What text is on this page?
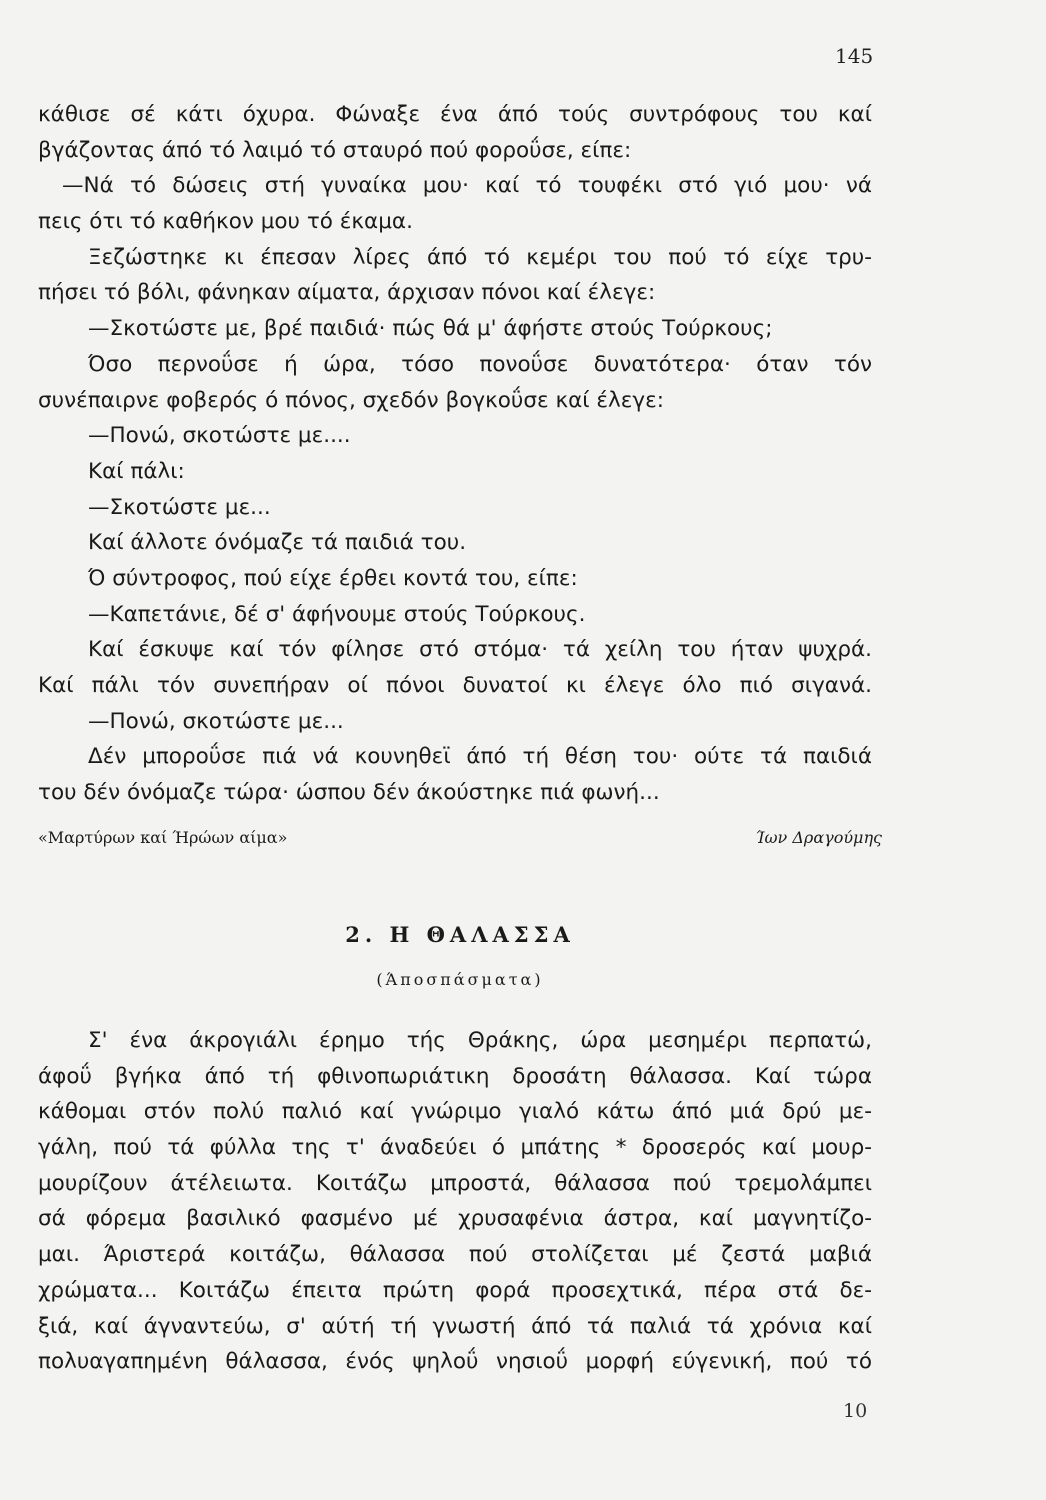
145
κάθισε σέ κάτι όχυρα. Φώναξε ένα άπό τούς συντρόφους του καί
βγάζοντας άπό τό λαιμό τό σταυρό πού φοροΰσε, είπε:
—Νά τό δώσεις στή γυναίκα μου· καί τό τουφέκι στό γιό μου· νά
πεις ότι τό καθήκον μου τό έκαμα.
Ξεζώστηκε κι έπεσαν λίρες άπό τό κεμέρι του πού τό είχε τρυ-
πήσει τό βόλι, φάνηκαν αίματα, άρχισαν πόνοι καί έλεγε:
—Σκοτώστε με, βρέ παιδιά· πώς θά μ' άφήστε στούς Τούρκους;
Όσο περνοΰσε ή ώρα, τόσο πονοΰσε δυνατότερα· όταν τόν
συνέπαιρνε φοβερός ό πόνος, σχεδόν βογκοΰσε καί έλεγε:
—Πονώ, σκοτώστε με....
Καί πάλι:
—Σκοτώστε με...
Καί άλλοτε όνόμαζε τά παιδιά του.
Ό σύντροφος, πού είχε έρθει κοντά του, είπε:
—Καπετάνιε, δέ σ' άφήνουμε στούς Τούρκους.
Καί έσκυψε καί τόν φίλησε στό στόμα· τά χείλη του ήταν ψυχρά.
Καί πάλι τόν συνεπήραν οί πόνοι δυνατοί κι έλεγε όλο πιό σιγανά.
—Πονώ, σκοτώστε με...
Δέν μποροΰσε πιά νά κουνηθεϊ άπό τή θέση του· ούτε τά παιδιά
του δέν όνόμαζε τώρα· ώσπου δέν άκούστηκε πιά φωνή...
«Μαρτύρων καί Ήρώων αίμα»	Ίων Δραγούμης
2. Η ΘΑΛΑΣΣΑ
(Άποσπάσματα)
Σ' ένα άκρογιάλι έρημο τής Θράκης, ώρα μεσημέρι περπατώ,
άφοΰ βγήκα άπό τή φθινοπωριάτικη δροσάτη θάλασσα. Καί τώρα
κάθομαι στόν πολύ παλιό καί γνώριμο γιαλό κάτω άπό μιά δρύ με-
γάλη, πού τά φύλλα της τ' άναδεύει ό μπάτης * δροσερός καί μουρ-
μουρίζουν άτέλειωτα. Κοιτάζω μπροστά, θάλασσα πού τρεμολάμπει
σά φόρεμα βασιλικό φασμένο μέ χρυσαφένια άστρα, καί μαγνητίζο-
μαι. Άριστερά κοιτάζω, θάλασσα πού στολίζεται μέ ζεστά μαβιά
χρώματα... Κοιτάζω έπειτα πρώτη φορά προσεχτικά, πέρα στά δε-
ξιά, καί άγναντεύω, σ' αύτή τή γνωστή άπό τά παλιά τά χρόνια καί
πολυαγαπημένη θάλασσα, ένός ψηλοΰ νησιοΰ μορφή εύγενική, πού τό
10
